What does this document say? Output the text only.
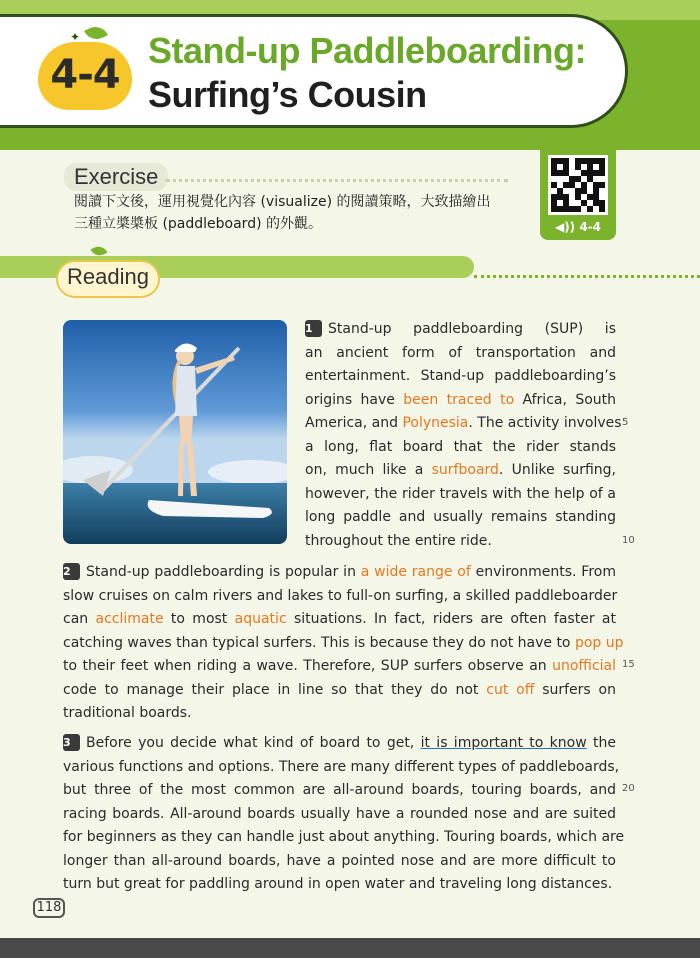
✦
4-4
Stand-up Paddleboarding:
Surfing’s Cousin
Exercise
閱讀下文後，運用視覺化內容 (visualize) 的閱讀策略，大致描繪出三種立槳槳板 (paddleboard) 的外觀。	◀)) 4-4
Reading
1 Stand-up paddleboarding (SUP) is
an ancient form of transportation and
entertainment. Stand-up paddleboarding’s
origins have been traced to Africa, South
America, and Polynesia. The activity involves
a long, flat board that the rider stands
on, much like a surfboard. Unlike surfing,
however, the rider travels with the help of a
long paddle and usually remains standing
throughout the entire ride.
2 Stand-up paddleboarding is popular in a wide range of environments. From
slow cruises on calm rivers and lakes to full-on surfing, a skilled paddleboarder
can acclimate to most aquatic situations. In fact, riders are often faster at
catching waves than typical surfers. This is because they do not have to pop up
to their feet when riding a wave. Therefore, SUP surfers observe an unofficial
code to manage their place in line so that they do not cut off surfers on
traditional boards.
3 Before you decide what kind of board to get, it is important to know the
various functions and options. There are many different types of paddleboards,
but three of the most common are all-around boards, touring boards, and
racing boards. All-around boards usually have a rounded nose and are suited
for beginners as they can handle just about anything. Touring boards, which are
longer than all-around boards, have a pointed nose and are more difficult to
turn but great for paddling around in open water and traveling long distances.
5
10
15
20
118
